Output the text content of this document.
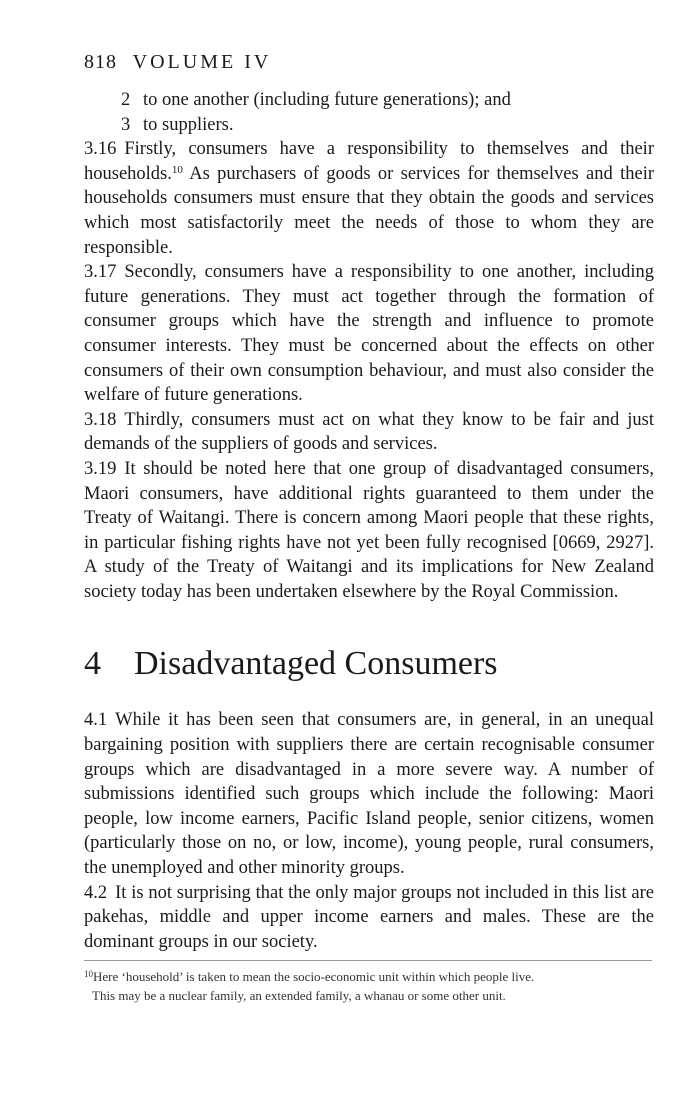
818 VOLUME IV
2 to one another (including future generations); and
3 to suppliers.

3.16 Firstly, consumers have a responsibility to themselves and their households.$^{10}$ As purchasers of goods or services for themselves and their households consumers must ensure that they obtain the goods and services which most satisfactorily meet the needs of those to whom they are responsible.

3.17 Secondly, consumers have a responsibility to one another, including future generations. They must act together through the formation of consumer groups which have the strength and influence to promote consumer interests. They must be concerned about the effects on other consumers of their own consumption behaviour, and must also consider the welfare of future generations.

3.18 Thirdly, consumers must act on what they know to be fair and just demands of the suppliers of goods and services.

3.19 It should be noted here that one group of disadvantaged consumers, Maori consumers, have additional rights guaranteed to them under the Treaty of Waitangi. There is concern among Maori people that these rights, in particular fishing rights have not yet been fully recognised [0669, 2927]. A study of the Treaty of Waitangi and its implications for New Zealand society today has been undertaken elsewhere by the Royal Commission.

4 Disadvantaged Consumers

4.1 While it has been seen that consumers are, in general, in an unequal bargaining position with suppliers there are certain recognisable consumer groups which are disadvantaged in a more severe way. A number of submissions identified such groups which include the following: Maori people, low income earners, Pacific Island people, senior citizens, women (particularly those on no, or low, income), young people, rural consumers, the unemployed and other minority groups.

4.2 It is not surprising that the only major groups not included in this list are pakehas, middle and upper income earners and males. These are the dominant groups in our society.

$^{10}$Here ‘household’ is taken to mean the socio-economic unit within which people live.
This may be a nuclear family, an extended family, a whanau or some other unit.
